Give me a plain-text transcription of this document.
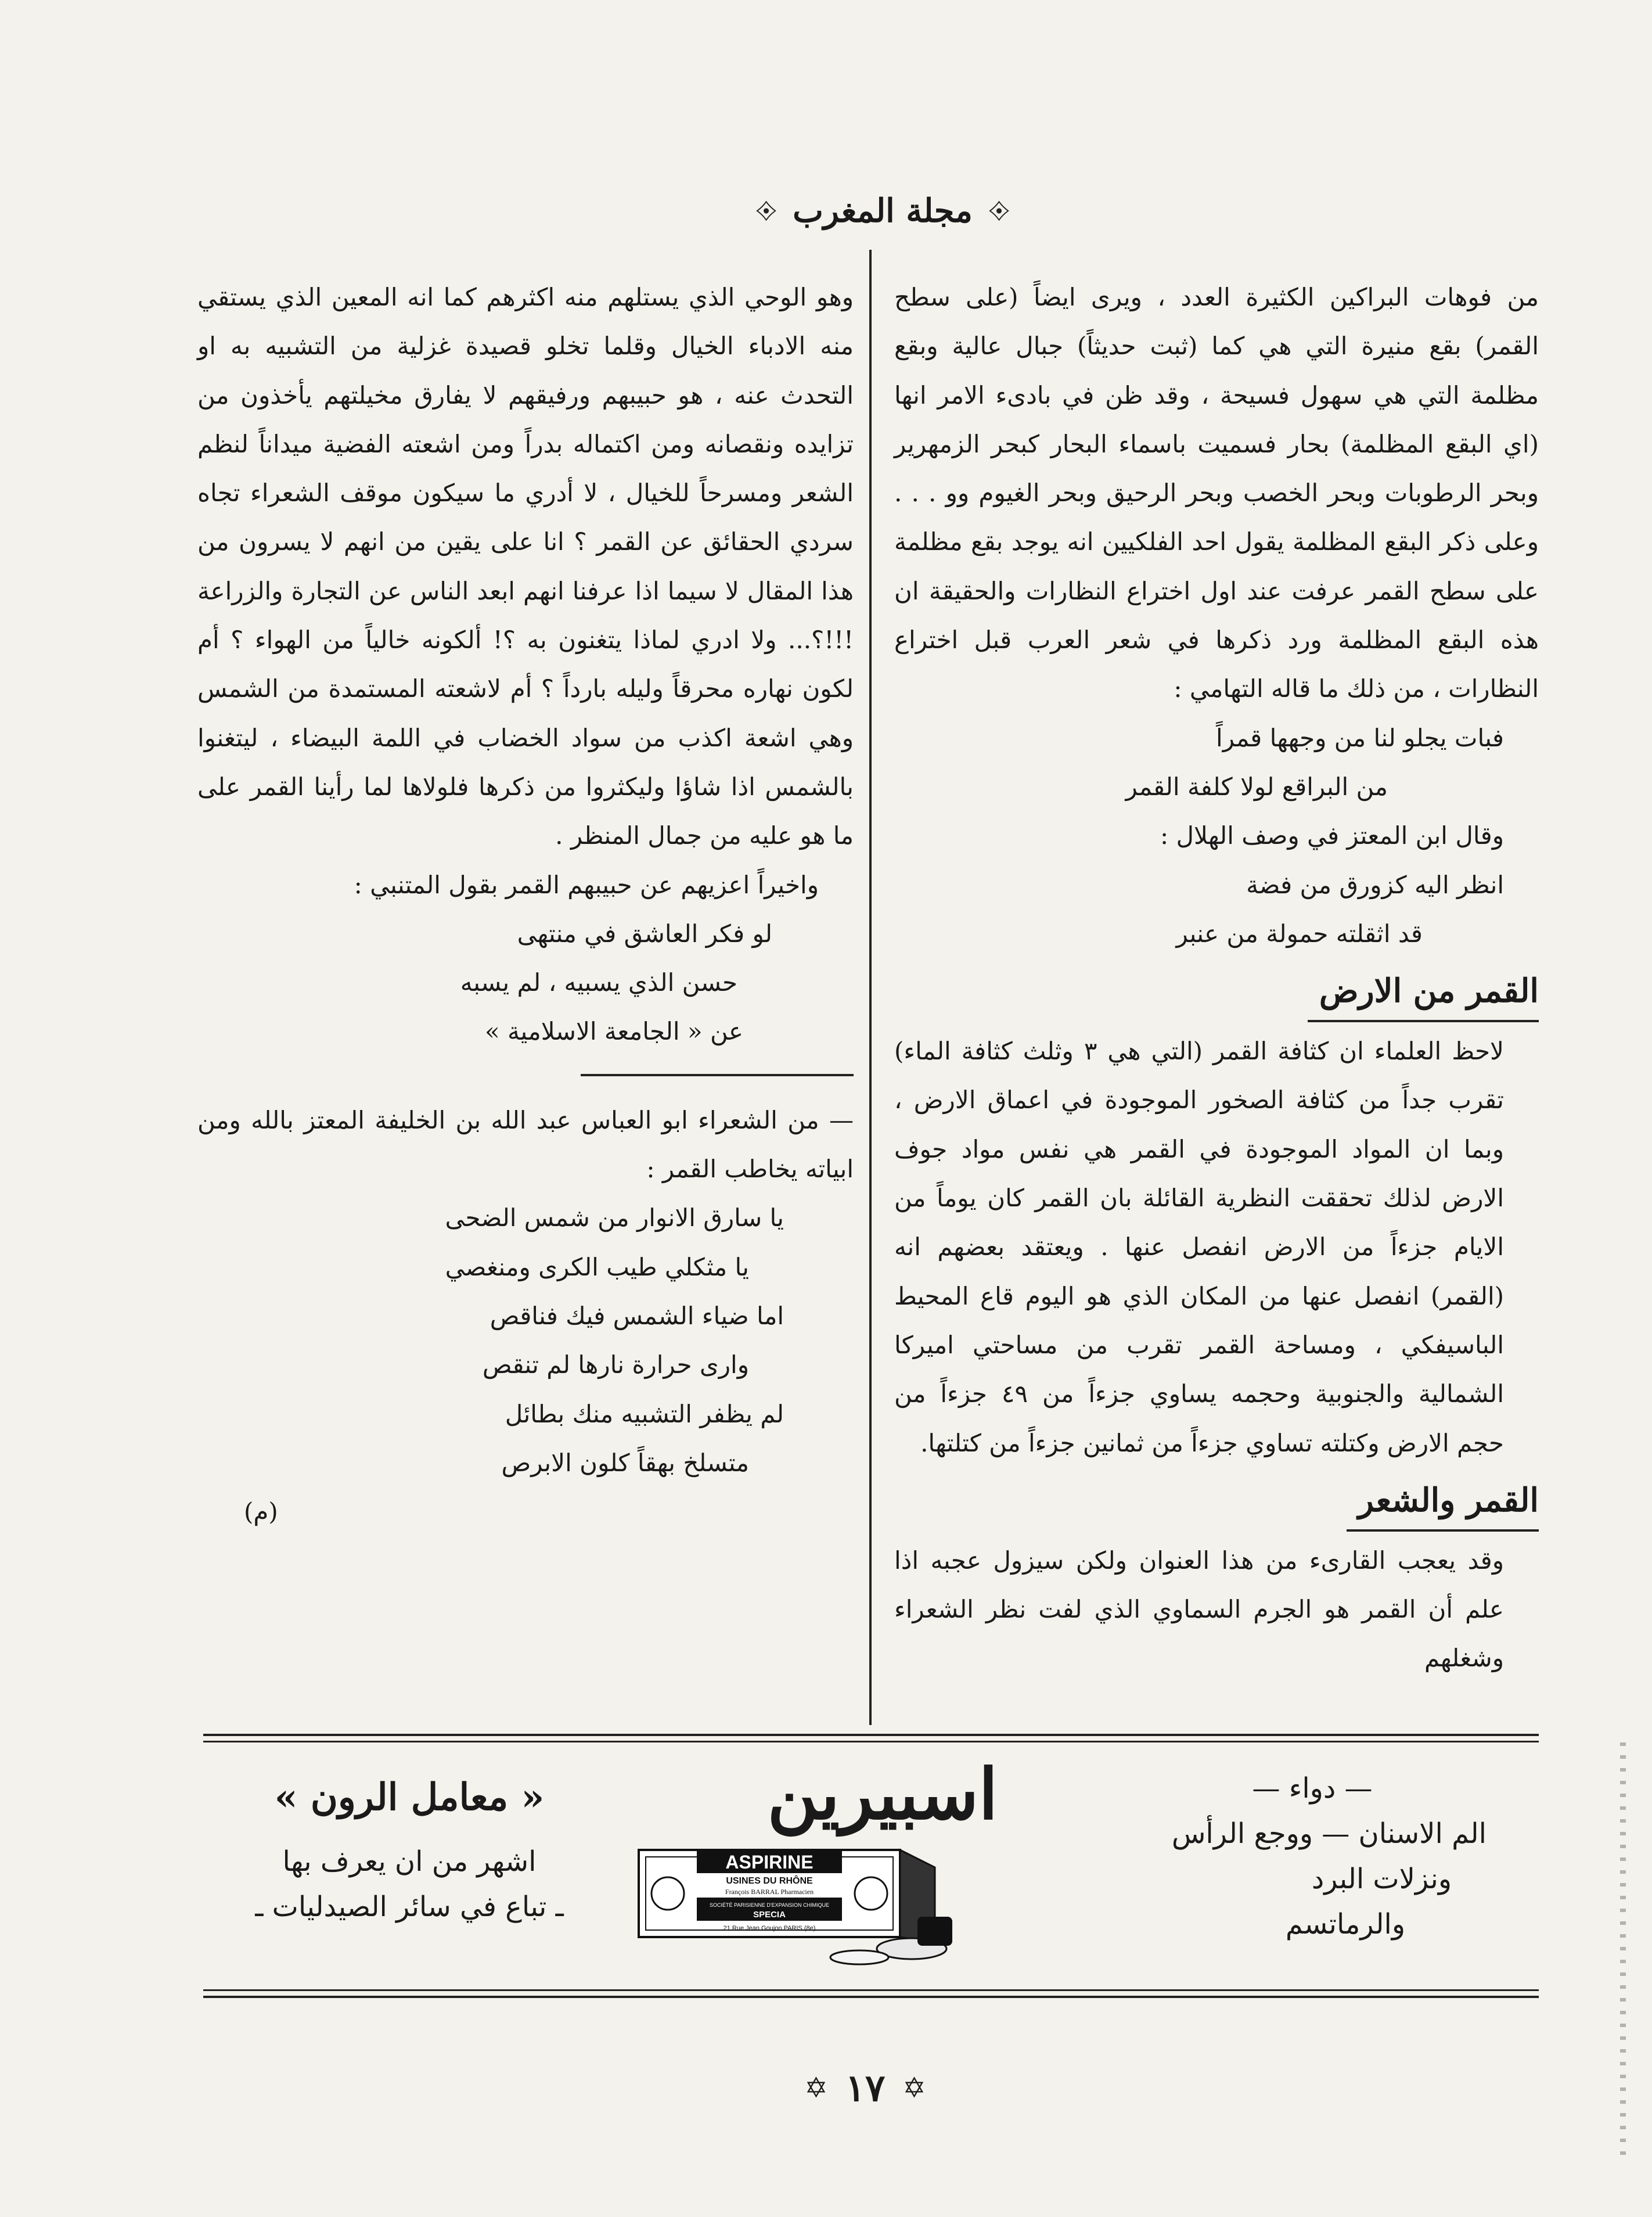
مجلة المغرب

من فوهات البراكين الكثيرة العدد ، ويرى ايضاً (على سطح القمر) بقع منيرة التي هي كما (ثبت حديثاً) جبال عالية وبقع مظلمة التي هي سهول فسيحة ، وقد ظن في بادىء الامر انها (اي البقع المظلمة) بحار فسميت باسماء البحار كبحر الزمهرير وبحر الرطوبات وبحر الخصب وبحر الرحيق وبحر الغيوم وو . . . وعلى ذكر البقع المظلمة يقول احد الفلكيين انه يوجد بقع مظلمة على سطح القمر عرفت عند اول اختراع النظارات والحقيقة ان هذه البقع المظلمة ورد ذكرها في شعر العرب قبل اختراع النظارات ، من ذلك ما قاله التهامي :

فبات يجلو لنا من وجهها قمراً
من البراقع لولا كلفة القمر

وقال ابن المعتز في وصف الهلال :

انظر اليه كزورق من فضة
قد اثقلته حمولة من عنبر
القمر من الارض

لاحظ العلماء ان كثافة القمر (التي هي ٣ وثلث كثافة الماء) تقرب جداً من كثافة الصخور الموجودة في اعماق الارض ، وبما ان المواد الموجودة في القمر هي نفس مواد جوف الارض لذلك تحققت النظرية القائلة بان القمر كان يوماً من الايام جزءاً من الارض انفصل عنها . ويعتقد بعضهم انه (القمر) انفصل عنها من المكان الذي هو اليوم قاع المحيط الباسيفكي ، ومساحة القمر تقرب من مساحتي اميركا الشمالية والجنوبية وحجمه يساوي جزءاً من ٤٩ جزءاً من حجم الارض وكتلته تساوي جزءاً من ثمانين جزءاً من كتلتها.

القمر والشعر

وقد يعجب القارىء من هذا العنوان ولكن سيزول عجبه اذا علم أن القمر هو الجرم السماوي الذي لفت نظر الشعراء وشغلهم

وهو الوحي الذي يستلهم منه اكثرهم كما انه المعين الذي يستقي منه الادباء الخيال وقلما تخلو قصيدة غزلية من التشبيه به او التحدث عنه ، هو حبيبهم ورفيقهم لا يفارق مخيلتهم يأخذون من تزايده ونقصانه ومن اكتماله بدراً ومن اشعته الفضية ميداناً لنظم الشعر ومسرحاً للخيال ، لا أدري ما سيكون موقف الشعراء تجاه سردي الحقائق عن القمر ؟ انا على يقين من انهم لا يسرون من هذا المقال لا سيما اذا عرفنا انهم ابعد الناس عن التجارة والزراعة !!!؟... ولا ادري لماذا يتغنون به ؟! ألكونه خالياً من الهواء ؟ أم لكون نهاره محرقاً وليله بارداً ؟ أم لاشعته المستمدة من الشمس وهي اشعة اكذب من سواد الخضاب في اللمة البيضاء ، ليتغنوا بالشمس اذا شاؤا وليكثروا من ذكرها فلولاها لما رأينا القمر على ما هو عليه من جمال المنظر .

واخيراً اعزيهم عن حبيبهم القمر بقول المتنبي :

لو فكر العاشق في منتهى
حسن الذي يسبيه ، لم يسبه
عن « الجامعة الاسلامية »

— من الشعراء ابو العباس عبد الله بن الخليفة المعتز بالله ومن ابياته يخاطب القمر :

يا سارق الانوار من شمس الضحى
يا مثكلي طيب الكرى ومنغصي
اما ضياء الشمس فيك فناقص
واری حرارة نارها لم تنقص
لم يظفر التشبيه منك بطائل
متسلخ بهقاً كلون الابرص
(م)
— دواء —
الم الاسنان — ووجع الرأس
ونزلات البرد
والرماتسم
اسبيرين
ASPIRINE
USINES DU RHÔNE
François BARRAL Pharmacien
SOCIÉTÉ PARISIENNE D'EXPANSION CHIMIQUE
SPECIA
21 Rue Jean Goujon PARIS (8e)
« معامل الرون »
اشهر من ان يعرف بها
ـ تباع في سائر الصيدليات ـ
✡ ١٧ ✡
